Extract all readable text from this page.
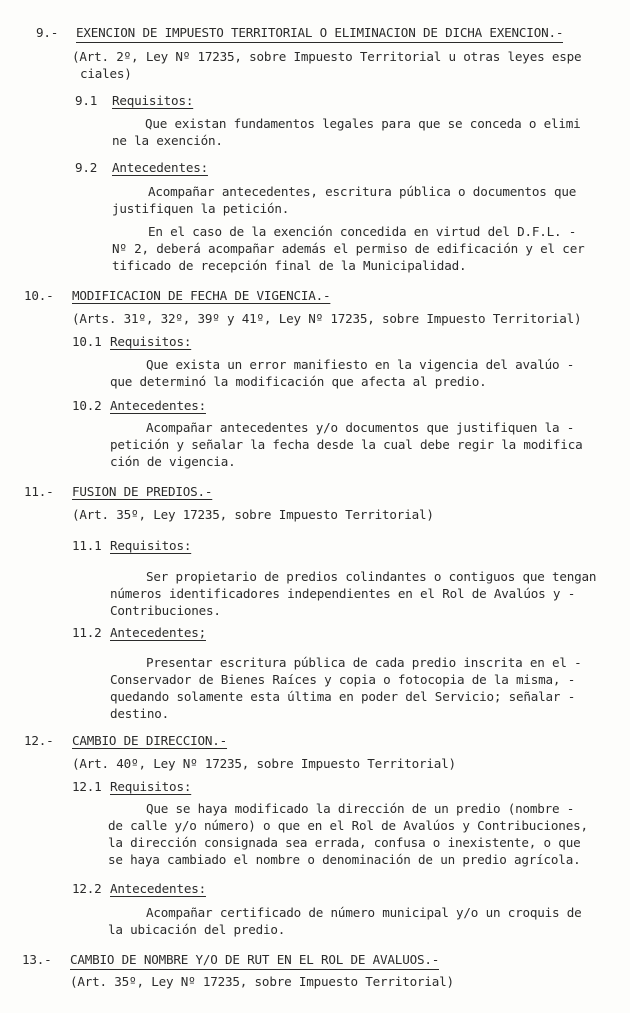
9.- EXENCION DE IMPUESTO TERRITORIAL O ELIMINACION DE DICHA EXENCION.-
(Art. 2º, Ley Nº 17235, sobre Impuesto Territorial u otras leyes espe
ciales)
9.1 Requisitos:
Que existan fundamentos legales para que se conceda o elimi
ne la exención.
9.2 Antecedentes:
Acompañar antecedentes, escritura pública o documentos que
justifiquen la petición.
En el caso de la exención concedida en virtud del D.F.L. -
Nº 2, deberá acompañar además el permiso de edificación y el cer
tificado de recepción final de la Municipalidad.
10.- MODIFICACION DE FECHA DE VIGENCIA.-
(Arts. 31º, 32º, 39º y 41º, Ley Nº 17235, sobre Impuesto Territorial)
10.1 Requisitos:
Que exista un error manifiesto en la vigencia del avalúo -
que determinó la modificación que afecta al predio.
10.2 Antecedentes:
Acompañar antecedentes y/o documentos que justifiquen la -
petición y señalar la fecha desde la cual debe regir la modifica
ción de vigencia.
11.- FUSION DE PREDIOS.-
(Art. 35º, Ley 17235, sobre Impuesto Territorial)
11.1 Requisitos:
Ser propietario de predios colindantes o contiguos que tengan
números identificadores independientes en el Rol de Avalúos y -
Contribuciones.
11.2 Antecedentes;
Presentar escritura pública de cada predio inscrita en el -
Conservador de Bienes Raíces y copia o fotocopia de la misma, -
quedando solamente esta última en poder del Servicio; señalar -
destino.
12.- CAMBIO DE DIRECCION.-
(Art. 40º, Ley Nº 17235, sobre Impuesto Territorial)
12.1 Requisitos:
Que se haya modificado la dirección de un predio (nombre -
de calle y/o número) o que en el Rol de Avalúos y Contribuciones,
la dirección consignada sea errada, confusa o inexistente, o que
se haya cambiado el nombre o denominación de un predio agrícola.
12.2 Antecedentes:
Acompañar certificado de número municipal y/o un croquis de
la ubicación del predio.
13.- CAMBIO DE NOMBRE Y/O DE RUT EN EL ROL DE AVALUOS.-
(Art. 35º, Ley Nº 17235, sobre Impuesto Territorial)
